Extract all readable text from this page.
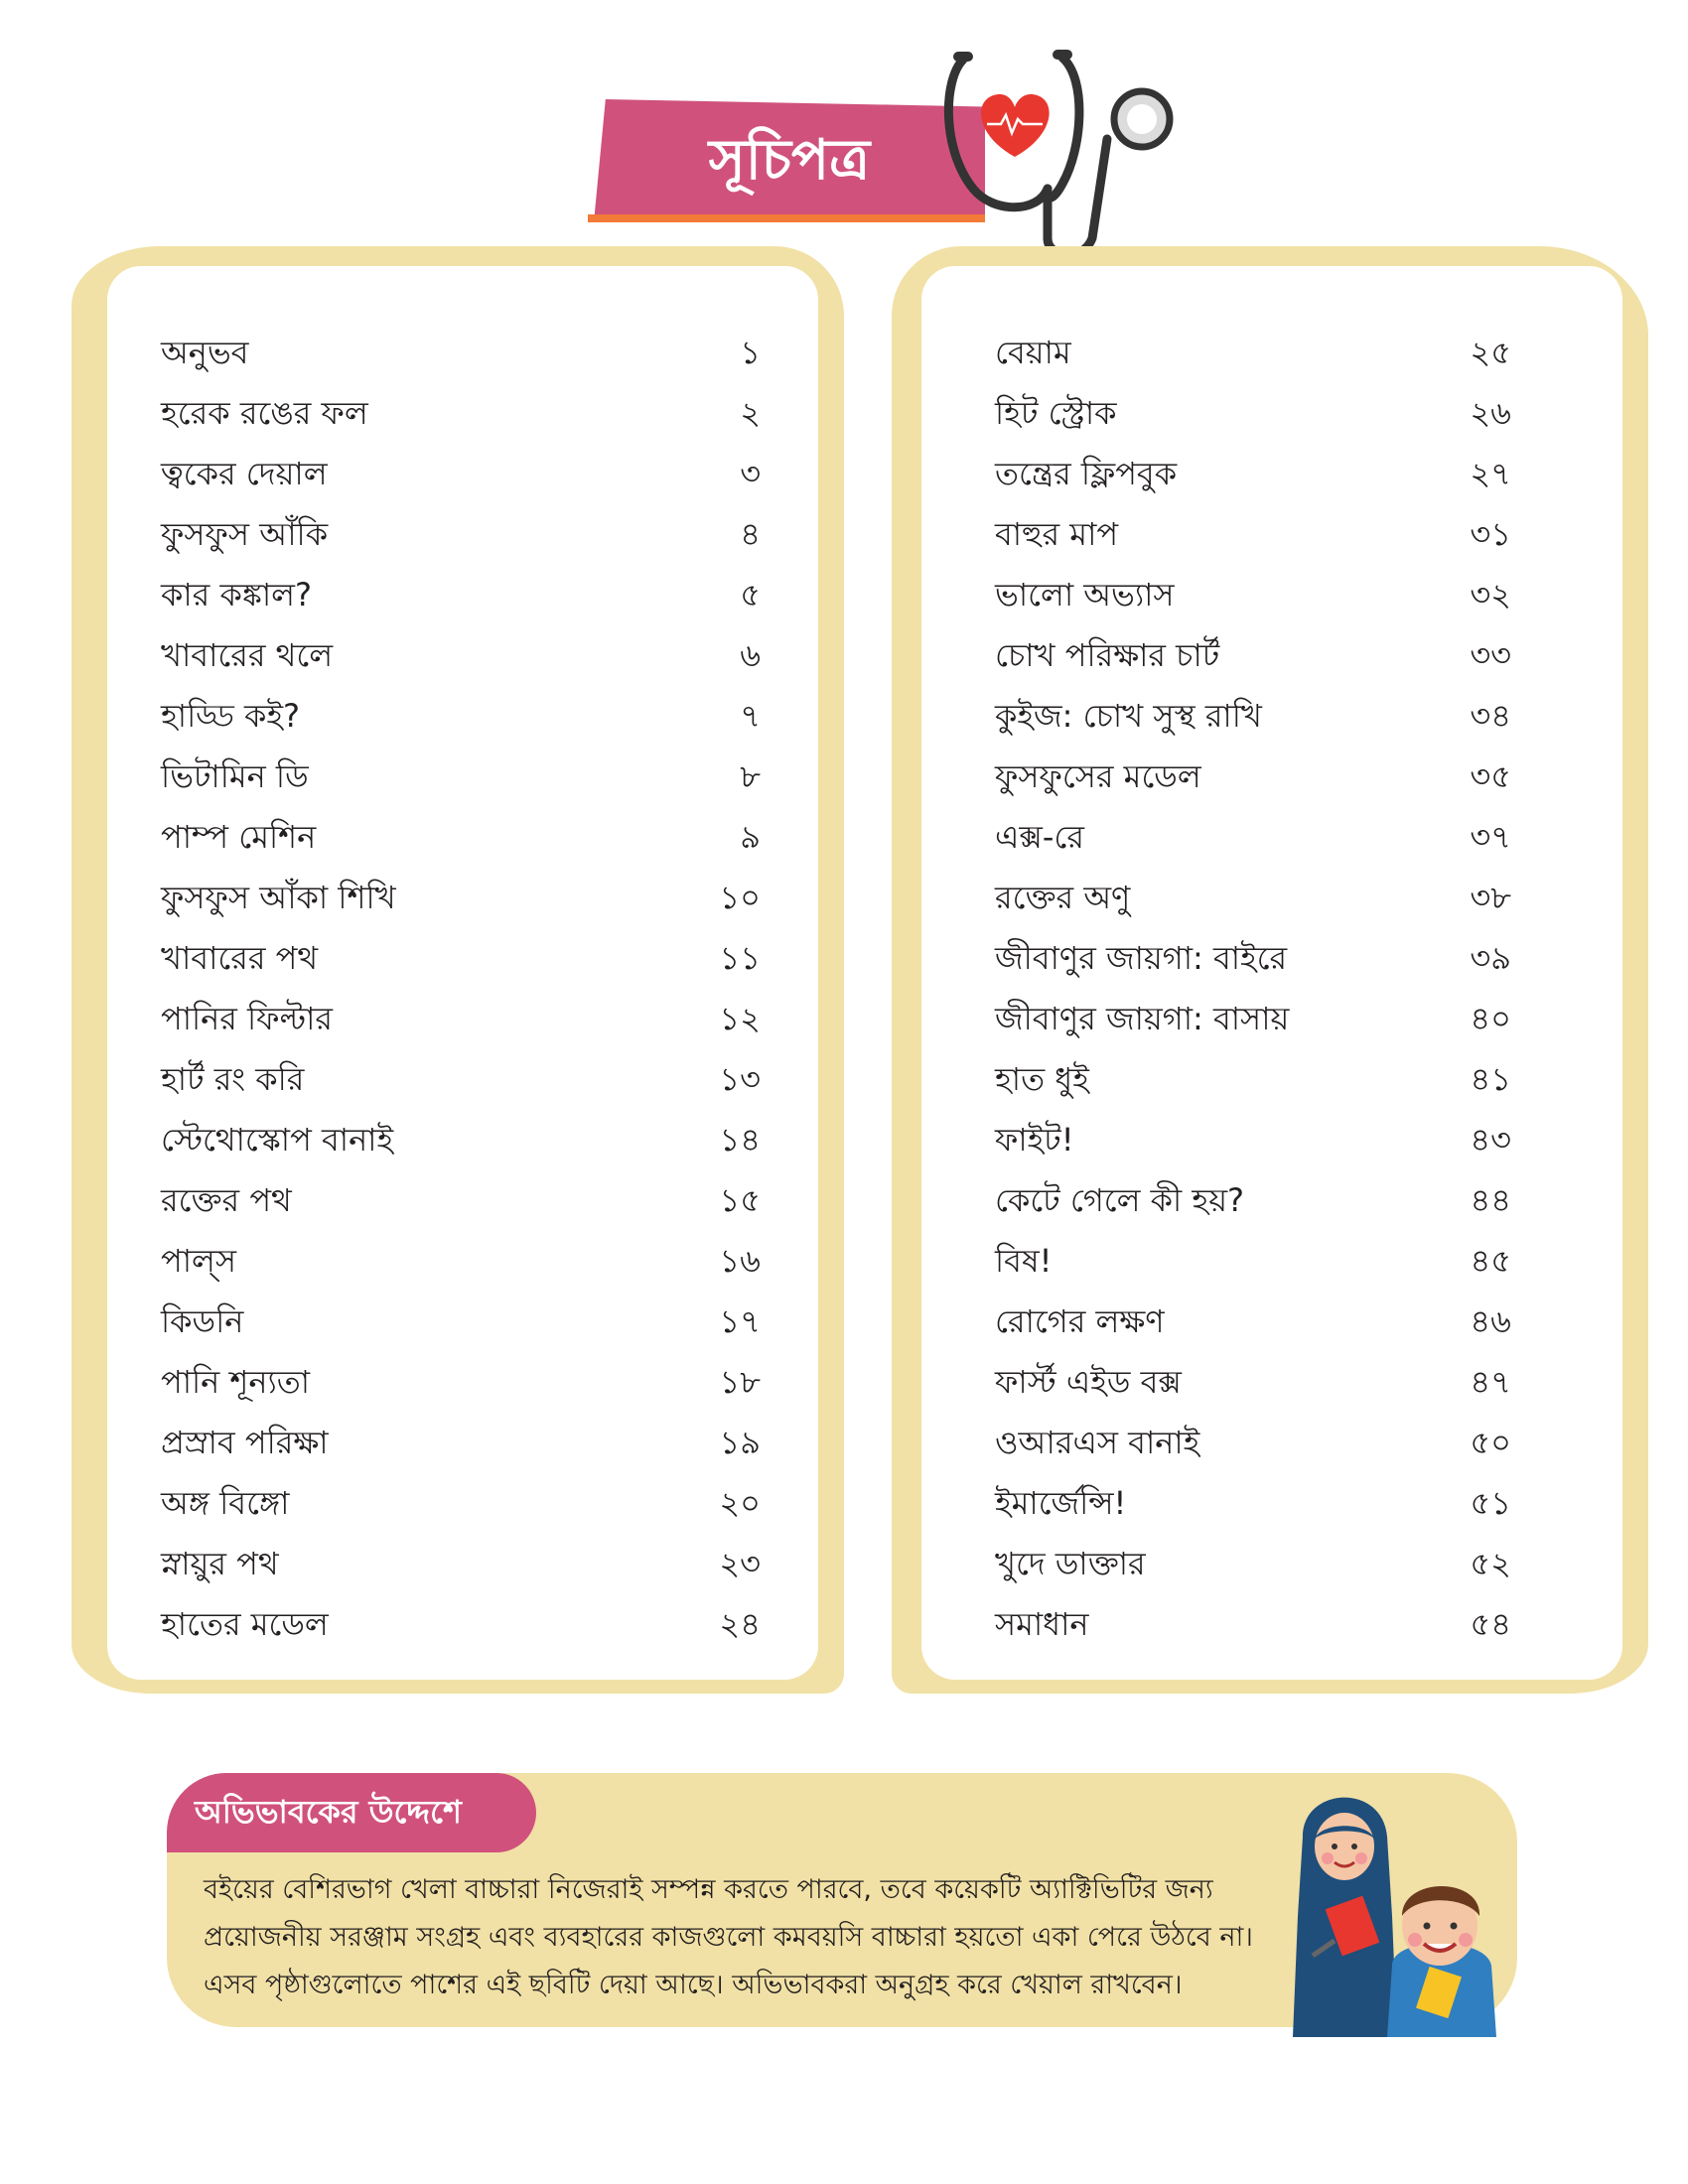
সূচিপত্র
অনুভব	১
হরেক রঙের ফল	২
ত্বকের দেয়াল	৩
ফুসফুস আঁকি	৪
কার কঙ্কাল?	৫
খাবারের থলে	৬
হাড্ডি কই?	৭
ভিটামিন ডি	৮
পাম্প মেশিন	৯
ফুসফুস আঁকা শিখি	১০
খাবারের পথ	১১
পানির ফিল্টার	১২
হার্ট রং করি	১৩
স্টেথোস্কোপ বানাই	১৪
রক্তের পথ	১৫
পাল্‌স	১৬
কিডনি	১৭
পানি শূন্যতা	১৮
প্রস্রাব পরিক্ষা	১৯
অঙ্গ বিঙ্গো	২০
স্নায়ুর পথ	২৩
হাতের মডেল	২৪
বেয়াম	২৫
হিট স্ট্রোক	২৬
তন্ত্রের ফ্লিপবুক	২৭
বাহুর মাপ	৩১
ভালো অভ্যাস	৩২
চোখ পরিক্ষার চার্ট	৩৩
কুইজ: চোখ সুস্থ রাখি	৩৪
ফুসফুসের মডেল	৩৫
এক্স-রে	৩৭
রক্তের অণু	৩৮
জীবাণুর জায়গা: বাইরে	৩৯
জীবাণুর জায়গা: বাসায়	৪০
হাত ধুই	৪১
ফাইট!	৪৩
কেটে গেলে কী হয়?	৪৪
বিষ!	৪৫
রোগের লক্ষণ	৪৬
ফার্স্ট এইড বক্স	৪৭
ওআরএস বানাই	৫০
ইমার্জেন্সি!	৫১
খুদে ডাক্তার	৫২
সমাধান	৫৪
অভিভাবকের উদ্দেশে

বইয়ের বেশিরভাগ খেলা বাচ্চারা নিজেরাই সম্পন্ন করতে পারবে, তবে কয়েকটি অ্যাক্টিভিটির জন্য
প্রয়োজনীয় সরঞ্জাম সংগ্রহ এবং ব্যবহারের কাজগুলো কমবয়সি বাচ্চারা হয়তো একা পেরে উঠবে না।
এসব পৃষ্ঠাগুলোতে পাশের এই ছবিটি দেয়া আছে। অভিভাবকরা অনুগ্রহ করে খেয়াল রাখবেন।
